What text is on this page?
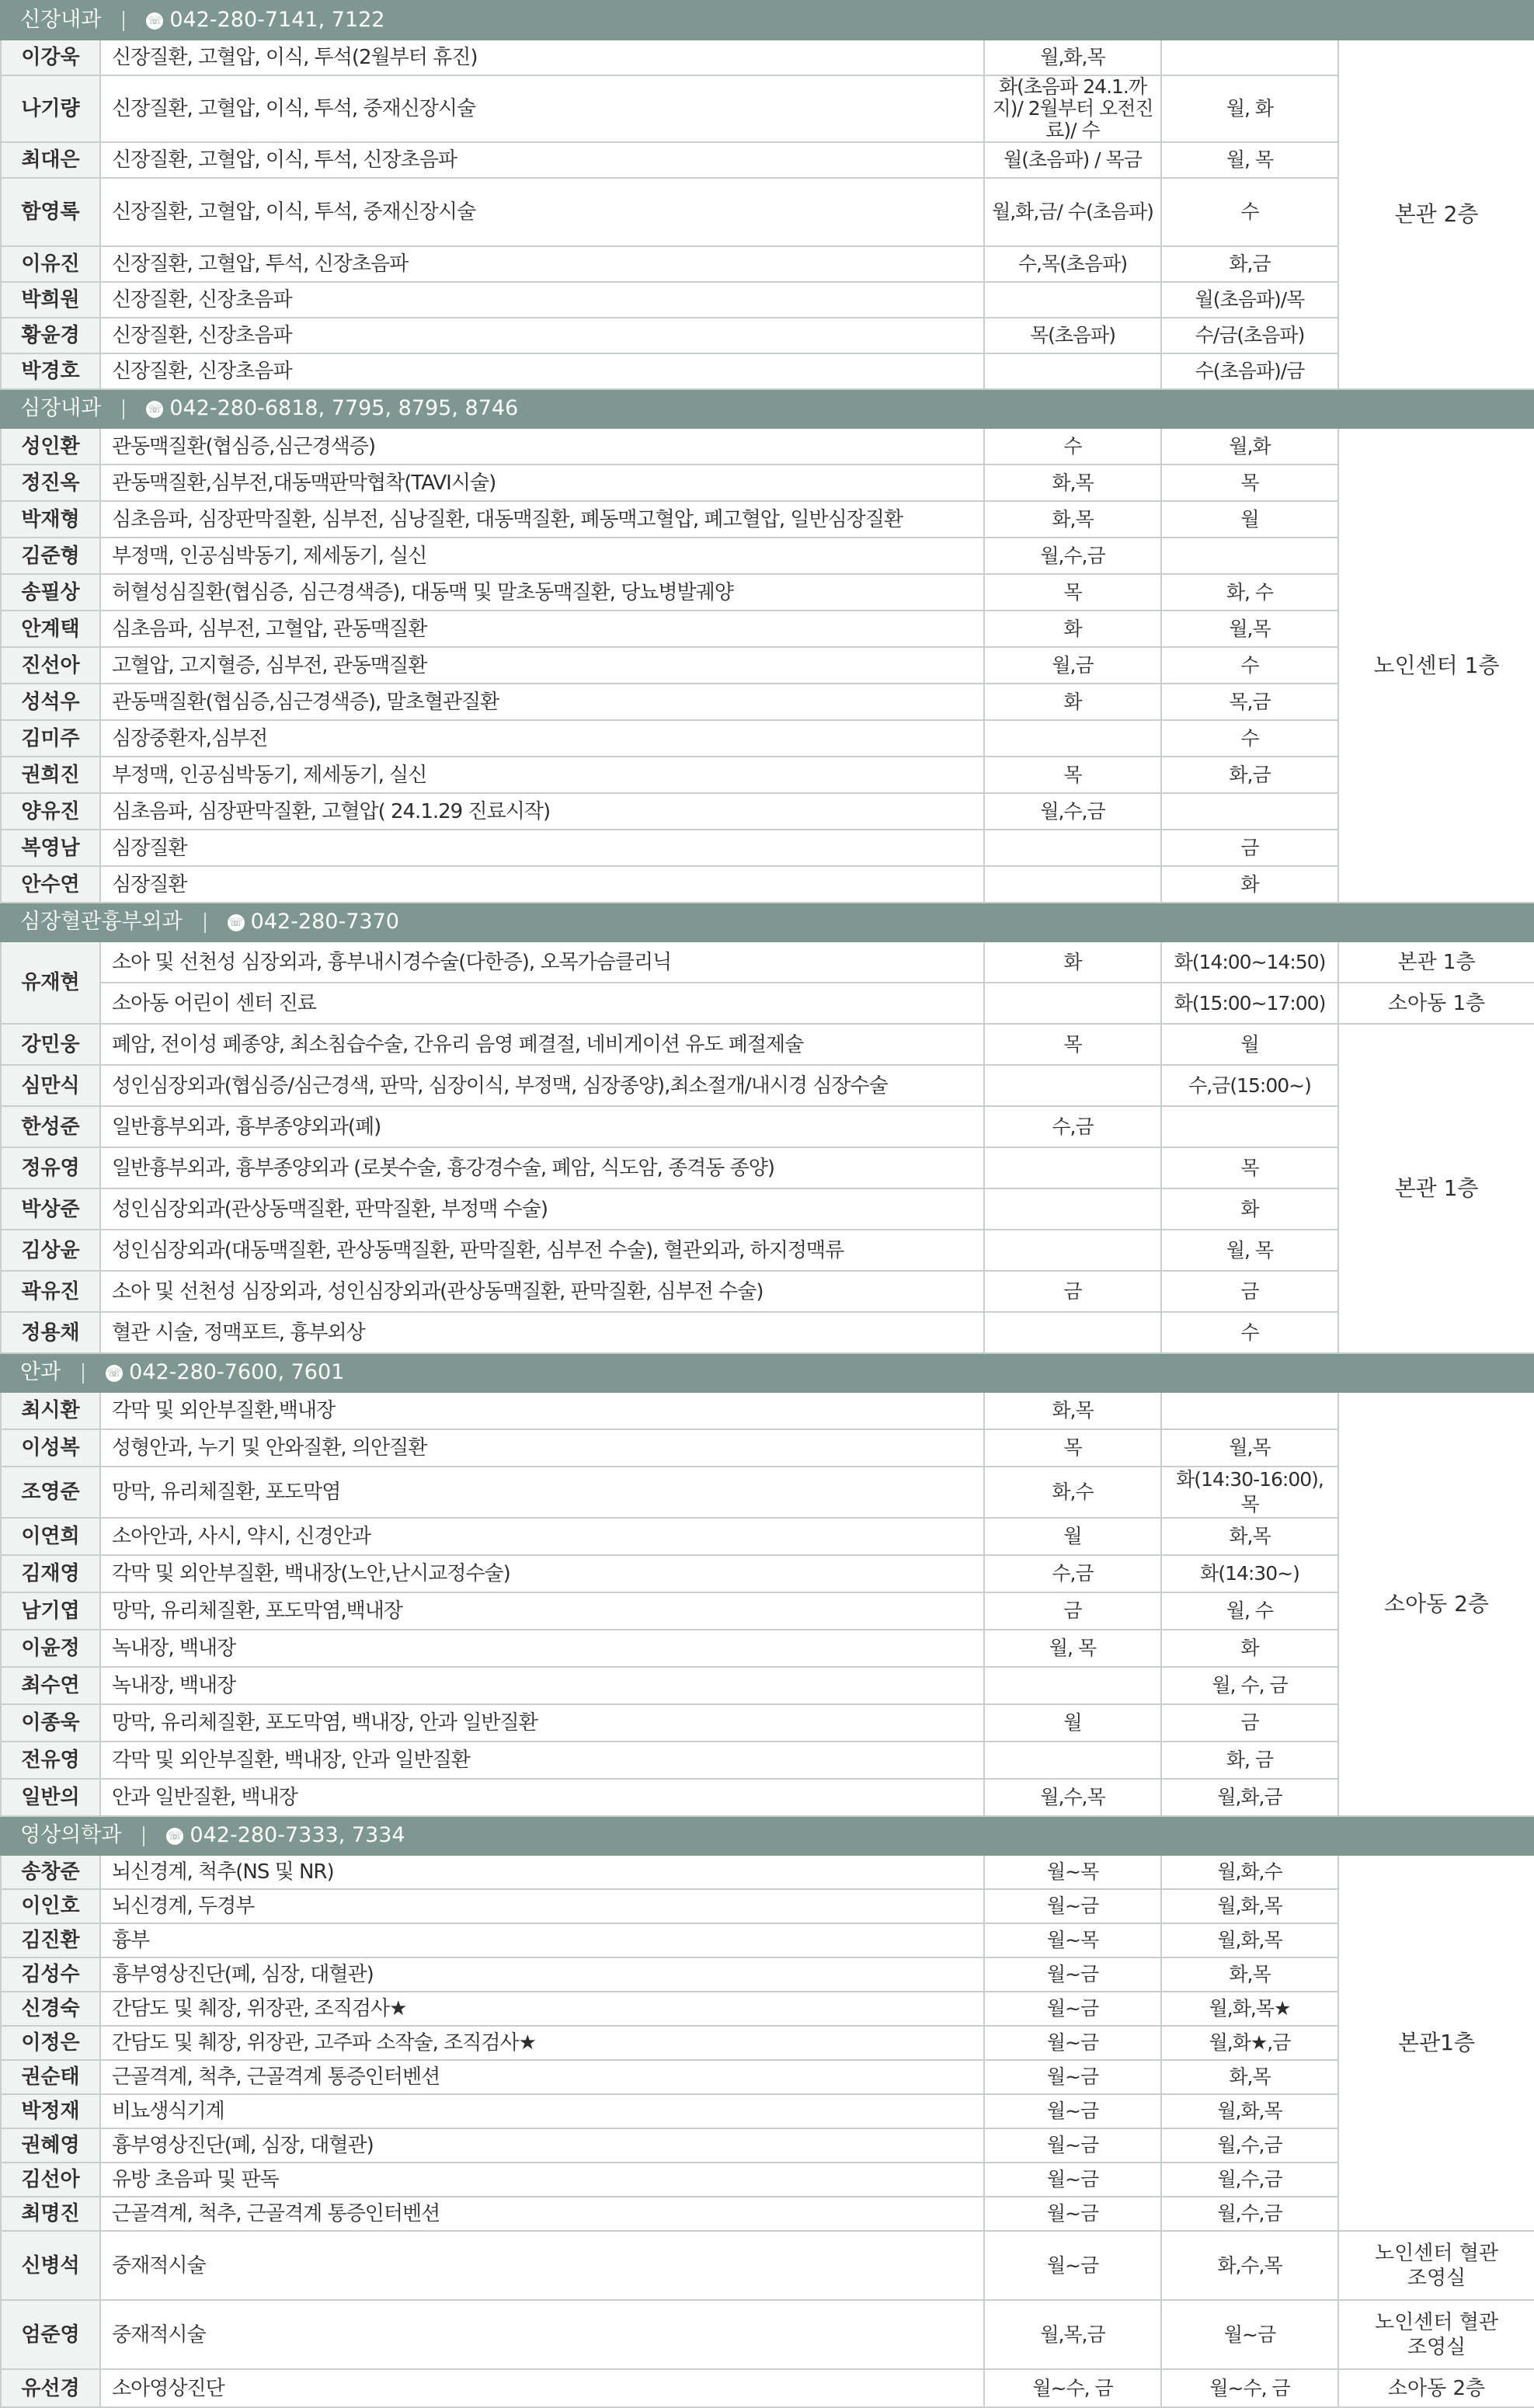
신장내과 ☏ 042-280-7141, 7122				
이강욱	신장질환, 고혈압, 이식, 투석(2월부터 휴진)	월,화,목		본관 2층
나기량	신장질환, 고혈압, 이식, 투석, 중재신장시술	화(초음파 24.1.까지)/ 2월부터 오전진료)/ 수	월, 화	
최대은	신장질환, 고혈압, 이식, 투석, 신장초음파	월(초음파) / 목금	월, 목	
함영록	신장질환, 고혈압, 이식, 투석, 중재신장시술	월,화,금/ 수(초음파)	수	
이유진	신장질환, 고혈압, 투석, 신장초음파	수,목(초음파)	화,금	
박희원	신장질환, 신장초음파		월(초음파)/목	
황윤경	신장질환, 신장초음파	목(초음파)	수/금(초음파)	
박경호	신장질환, 신장초음파		수(초음파)/금	
심장내과 ☏ 042-280-6818, 7795, 8795, 8746				
성인환	관동맥질환(협심증,심근경색증)	수	월,화	노인센터 1층
정진옥	관동맥질환,심부전,대동맥판막협착(TAVI시술)	화,목	목	
박재형	심초음파, 심장판막질환, 심부전, 심낭질환, 대동맥질환, 폐동맥고혈압, 폐고혈압, 일반심장질환	화,목	월	
김준형	부정맥, 인공심박동기, 제세동기, 실신	월,수,금		
송필상	허혈성심질환(협심증, 심근경색증), 대동맥 및 말초동맥질환, 당뇨병발궤양	목	화, 수	
안계택	심초음파, 심부전, 고혈압, 관동맥질환	화	월,목	
진선아	고혈압, 고지혈증, 심부전, 관동맥질환	월,금	수	
성석우	관동맥질환(협심증,심근경색증), 말초혈관질환	화	목,금	
김미주	심장중환자,심부전		수	
권희진	부정맥, 인공심박동기, 제세동기, 실신	목	화,금	
양유진	심초음파, 심장판막질환, 고혈압( 24.1.29 진료시작)	월,수,금		
복영남	심장질환		금	
안수연	심장질환		화	
심장혈관흉부외과 ☏ 042-280-7370				
유재현	소아 및 선천성 심장외과, 흉부내시경수술(다한증), 오목가슴클리닉	화	화(14:00~14:50)	본관 1층
	소아동 어린이 센터 진료		화(15:00~17:00)	소아동 1층
강민웅	폐암, 전이성 폐종양, 최소침습수술, 간유리 음영 폐결절, 네비게이션 유도 폐절제술	목	월	본관 1층
심만식	성인심장외과(협심증/심근경색, 판막, 심장이식, 부정맥, 심장종양),최소절개/내시경 심장수술		수,금(15:00~)	
한성준	일반흉부외과, 흉부종양외과(폐)	수,금		
정유영	일반흉부외과, 흉부종양외과 (로봇수술, 흉강경수술, 폐암, 식도암, 종격동 종양)		목	
박상준	성인심장외과(관상동맥질환, 판막질환, 부정맥 수술)		화	
김상윤	성인심장외과(대동맥질환, 관상동맥질환, 판막질환, 심부전 수술), 혈관외과, 하지정맥류		월, 목	
곽유진	소아 및 선천성 심장외과, 성인심장외과(관상동맥질환, 판막질환, 심부전 수술)	금	금	
정용채	혈관 시술, 정맥포트, 흉부외상		수	
안과 ☏ 042-280-7600, 7601				
최시환	각막 및 외안부질환,백내장	화,목		소아동 2층
이성복	성형안과, 누기 및 안와질환, 의안질환	목	월,목	
조영준	망막, 유리체질환, 포도막염	화,수	화(14:30-16:00), 목	
이연희	소아안과, 사시, 약시, 신경안과	월	화,목	
김재영	각막 및 외안부질환, 백내장(노안,난시교정수술)	수,금	화(14:30~)	
남기엽	망막, 유리체질환, 포도막염,백내장	금	월, 수	
이윤정	녹내장, 백내장	월, 목	화	
최수연	녹내장, 백내장		월, 수, 금	
이종욱	망막, 유리체질환, 포도막염, 백내장, 안과 일반질환	월	금	
전유영	각막 및 외안부질환, 백내장, 안과 일반질환		화, 금	
일반의	안과 일반질환, 백내장	월,수,목	월,화,금	
영상의학과 ☏ 042-280-7333, 7334				
송창준	뇌신경계, 척추(NS 및 NR)	월~목	월,화,수	본관1층
이인호	뇌신경계, 두경부	월~금	월,화,목	
김진환	흉부	월~목	월,화,목	
김성수	흉부영상진단(폐, 심장, 대혈관)	월~금	화,목	
신경숙	간담도 및 췌장, 위장관, 조직검사★	월~금	월,화,목★	
이정은	간담도 및 췌장, 위장관, 고주파 소작술, 조직검사★	월~금	월,화★,금	
권순태	근골격계, 척추, 근골격계 통증인터벤션	월~금	화,목	
박정재	비뇨생식기계	월~금	월,화,목	
권혜영	흉부영상진단(폐, 심장, 대혈관)	월~금	월,수,금	
김선아	유방 초음파 및 판독	월~금	월,수,금	
최명진	근골격계, 척추, 근골격계 통증인터벤션	월~금	월,수,금	
신병석	중재적시술	월~금	화,수,목	노인센터 혈관조영실
엄준영	중재적시술	월,목,금	월~금	노인센터 혈관조영실
유선경	소아영상진단	월~수, 금	월~수, 금	소아동 2층
